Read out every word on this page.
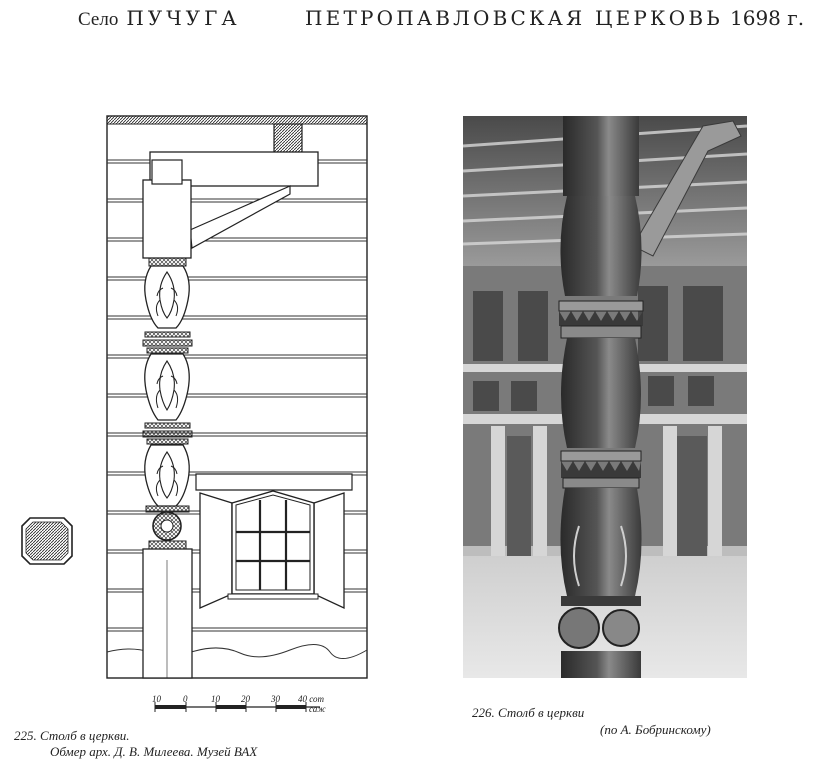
Село ПУЧУГА	ПЕТРОПАВЛОВСКАЯ ЦЕРКОВЬ 1698 г.
10 0	10 20 30 40 сот
саж
225. Столб в церкви.
Обмер арх. Д. В. Милеева. Музей ВАХ
226. Столб в церкви
(по А. Бобринскому)
